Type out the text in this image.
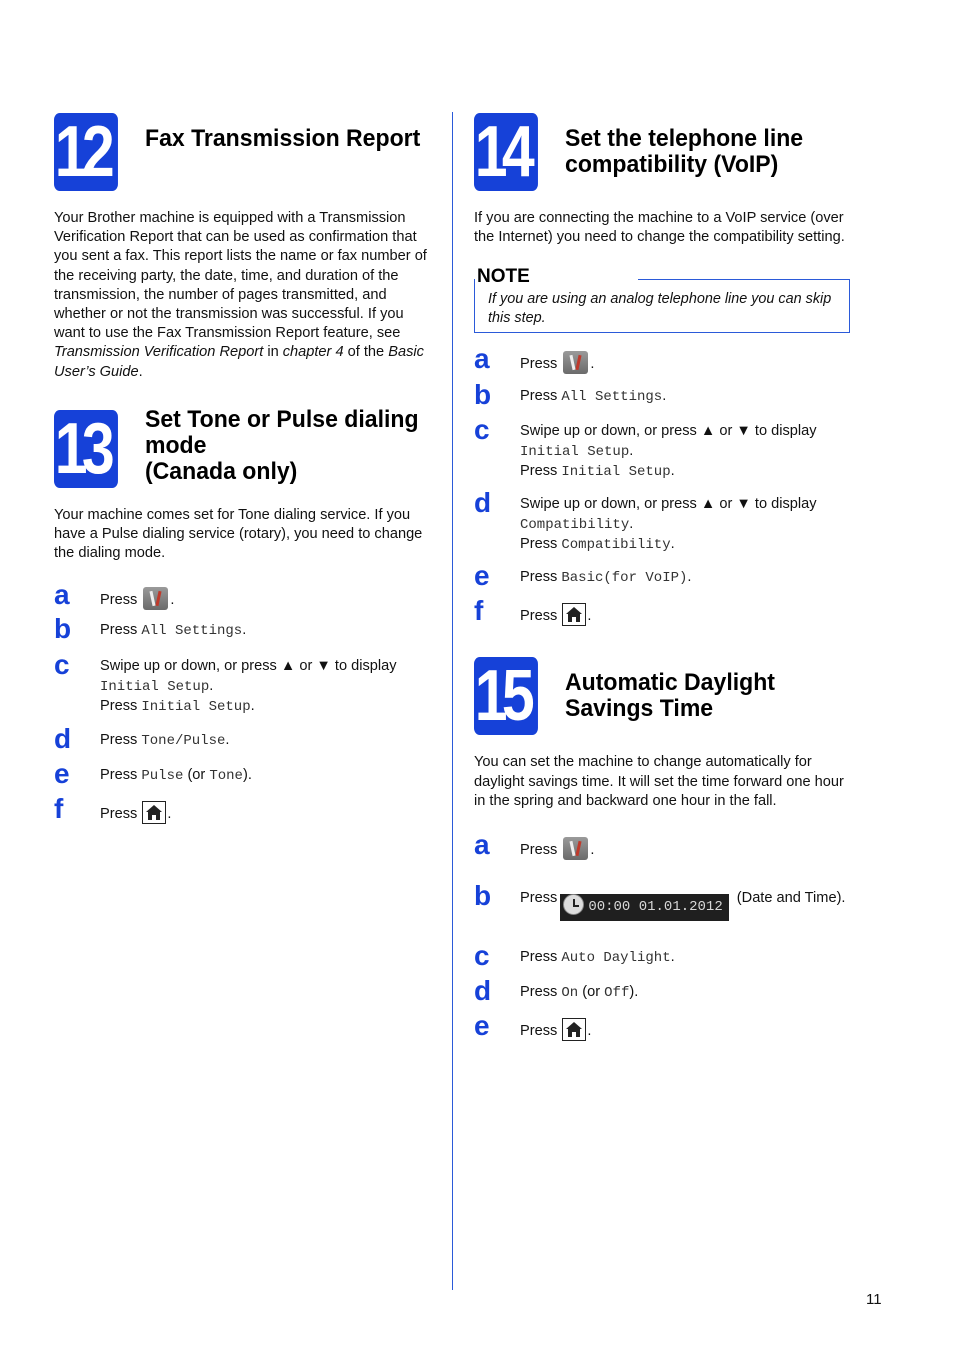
12	Fax Transmission Report

Your Brother machine is equipped with a Transmission Verification Report that can be used as confirmation that you sent a fax. This report lists the name or fax number of the receiving party, the date, time, and duration of the transmission, the number of pages transmitted, and whether or not the transmission was successful. If you want to use the Fax Transmission Report feature, see Transmission Verification Report in chapter 4 of the Basic User’s Guide.

13	Set Tone or Pulse dialing
mode
(Canada only)

Your machine comes set for Tone dialing service. If you have a Pulse dialing service (rotary), you need to change the dialing mode.

a	Press .
b	Press All Settings.
c	Swipe up or down, or press ▲ or ▼ to display
Initial Setup.
Press Initial Setup.
d	Press Tone/Pulse.
e	Press Pulse (or Tone).
f	Press .
14	Set the telephone line
compatibility (VoIP)

If you are connecting the machine to a VoIP service (over the Internet) you need to change the compatibility setting.

NOTE
If you are using an analog telephone line you can skip this step.
a	Press .
b	Press All Settings.
c	Swipe up or down, or press ▲ or ▼ to display
Initial Setup.
Press Initial Setup.
d	Swipe up or down, or press ▲ or ▼ to display
Compatibility.
Press Compatibility.
e	Press Basic(for VoIP).
f	Press .
15	Automatic Daylight
Savings Time

You can set the machine to change automatically for daylight savings time. It will set the time forward one hour in the spring and backward one hour in the fall.

a	Press .
b	Press00:00 01.01.2012 (Date and Time).
c	Press Auto Daylight.
d	Press On (or Off).
e	Press .
11
